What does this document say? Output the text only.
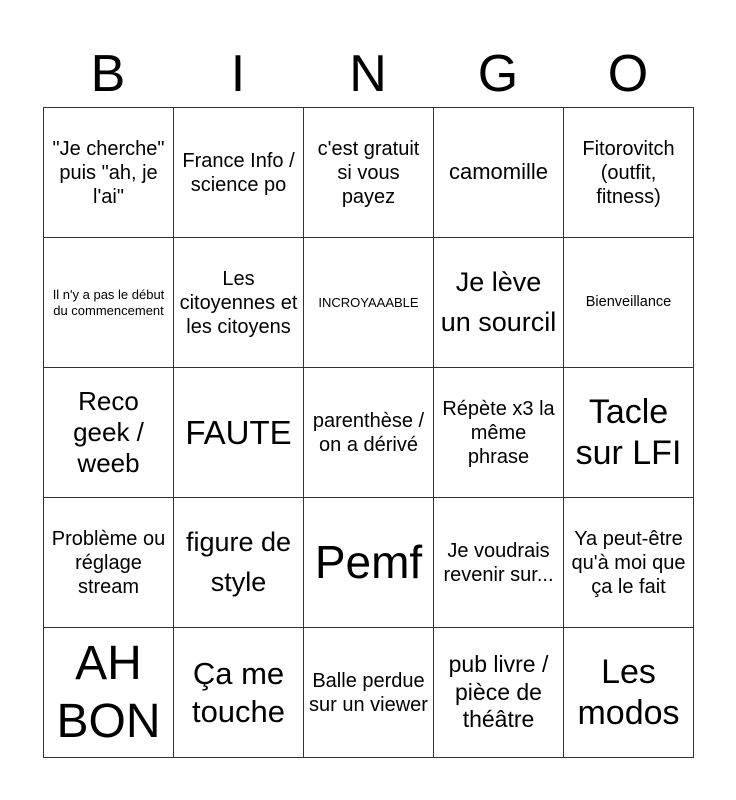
B	I	N	G	O
"Je cherche" puis "ah, je l'ai"	France Info / science po	c'est gratuit si vous payez	camomille	Fitorovitch (outfit, fitness)
Il n'y a pas le début du commencement	Les citoyennes et les citoyens	INCROYAAABLE	Je lève un sourcil	Bienveillance
Reco geek / weeb	FAUTE	parenthèse / on a dérivé	Répète x3 la même phrase	Tacle sur LFI
Problème ou réglage stream	figure de style	Pemf	Je voudrais revenir sur...	Ya peut-être qu'à moi que ça le fait
AH BON	Ça me touche	Balle perdue sur un viewer	pub livre / pièce de théâtre	Les modos
